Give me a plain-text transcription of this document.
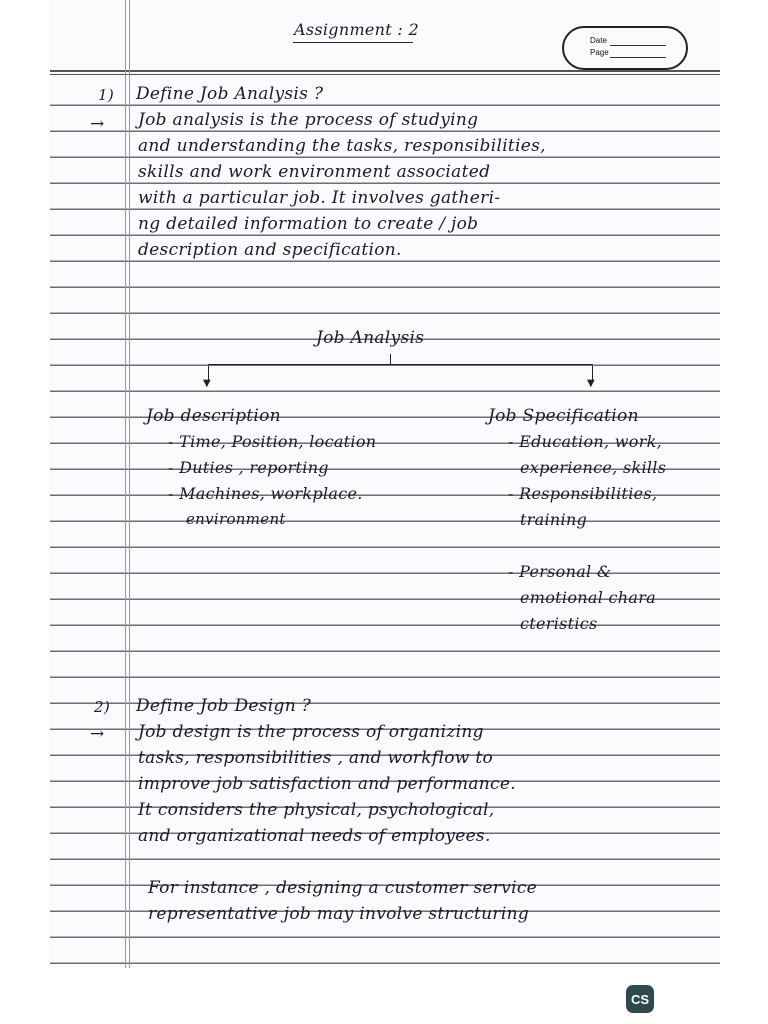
Assignment : 2
Date
Page
1) Define Job Analysis ?
→ Job analysis is the process of studying
and understanding the tasks, responsibilities,
skills and work environment associated
with a particular job. It involves gatheri-
ng detailed information to create / job
description and specification.
Job Analysis
▼	▼
Job description
- Time, Position, location
- Duties , reporting
- Machines, workplace.
environment
Job Specification
- Education, work,
experience, skills
- Responsibilities,
training
- Personal &
emotional chara
cteristics
2) Define Job Design ?
→ Job design is the process of organizing
tasks, responsibilities , and workflow to
improve job satisfaction and performance.
It considers the physical, psychological,
and organizational needs of employees.
For instance , designing a customer service
representative job may involve structuring
CS
